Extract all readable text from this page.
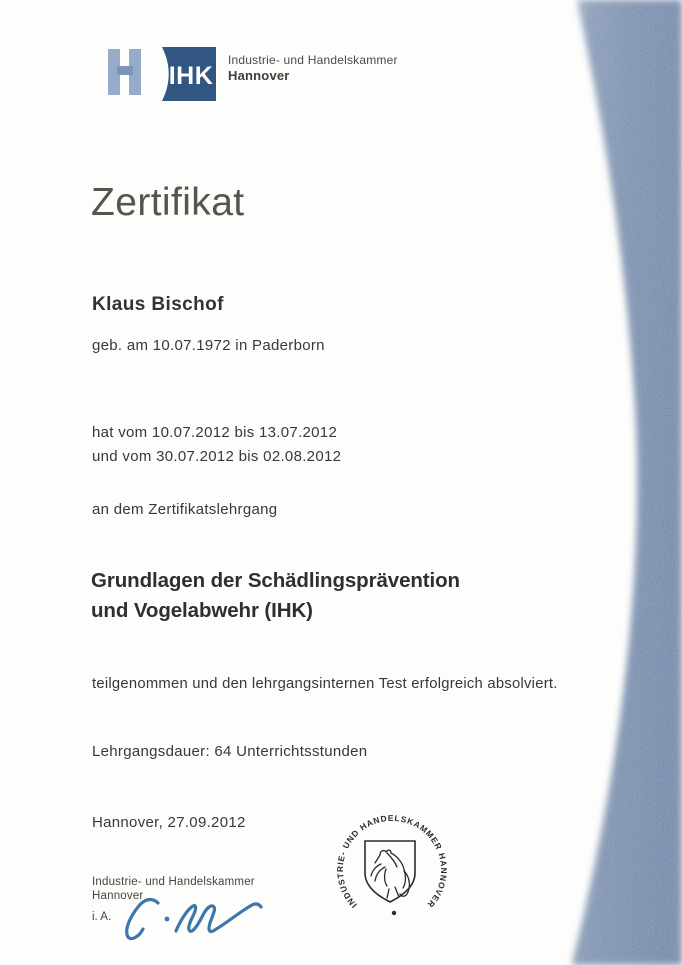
IHK
Industrie- und Handelskammer
Hannover
Zertifikat
Klaus Bischof
geb. am 10.07.1972 in Paderborn
hat vom 10.07.2012 bis 13.07.2012
und vom 30.07.2012 bis 02.08.2012
an dem Zertifikatslehrgang
Grundlagen der Schädlingsprävention
und Vogelabwehr (IHK)
teilgenommen und den lehrgangsinternen Test erfolgreich absolviert.
Lehrgangsdauer: 64 Unterrichtsstunden
Hannover, 27.09.2012
Industrie- und Handelskammer
Hannover
i. A.
INDUSTRIE- UND HANDELSKAMMER HANNOVER
